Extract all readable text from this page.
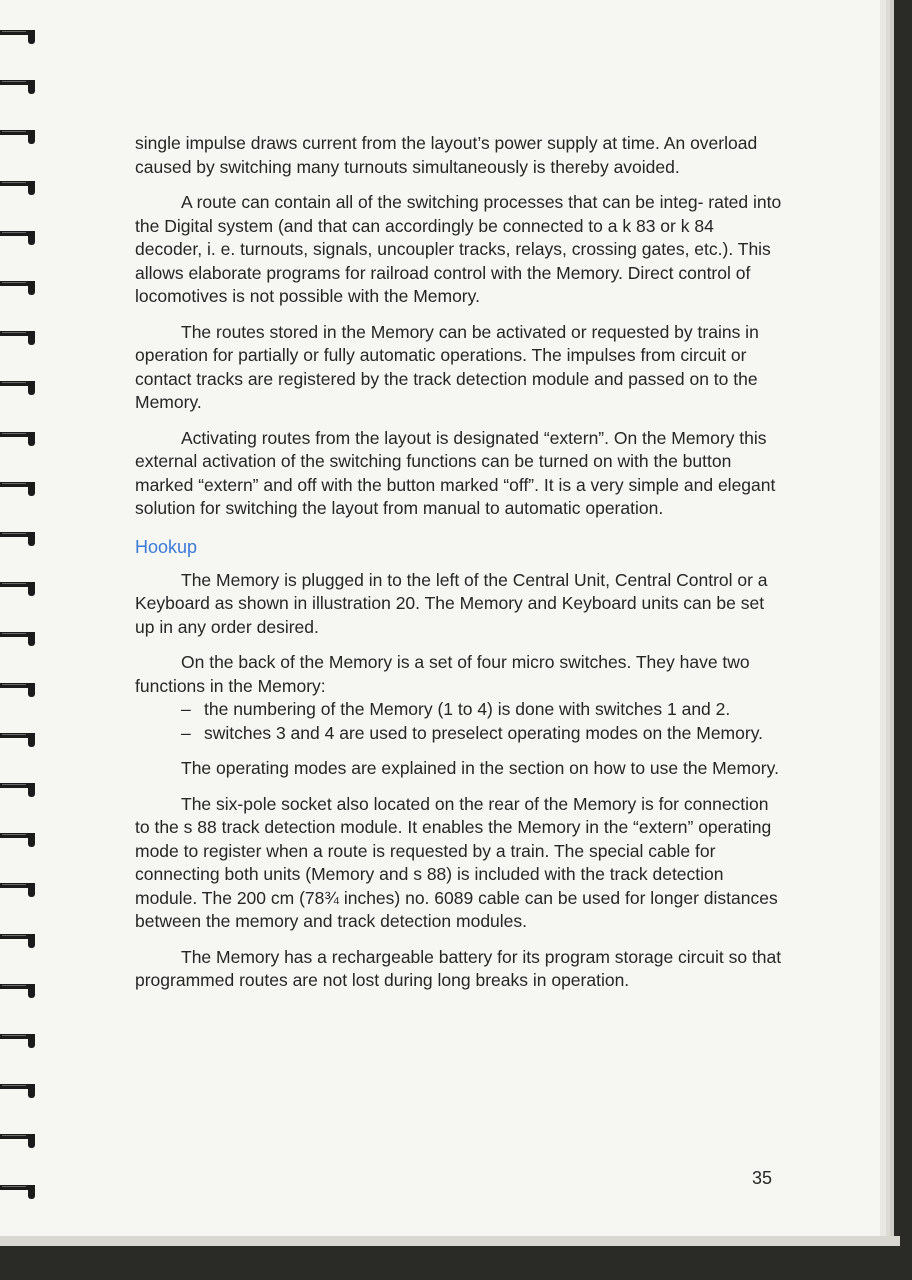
single impulse draws current from the layout’s power supply at time. An overload caused by switching many turnouts simultaneously is thereby avoided.

A route can contain all of the switching processes that can be integ- rated into the Digital system (and that can accordingly be connected to a k 83 or k 84 decoder, i. e. turnouts, signals, uncoupler tracks, relays, crossing gates, etc.). This allows elaborate programs for railroad control with the Memory. Direct control of locomotives is not possible with the Memory.

The routes stored in the Memory can be activated or requested by trains in operation for partially or fully automatic operations. The impulses from circuit or contact tracks are registered by the track detection module and passed on to the Memory.

Activating routes from the layout is designated “extern”. On the Memory this external activation of the switching functions can be turned on with the button marked “extern” and off with the button marked “off”. It is a very simple and elegant solution for switching the layout from manual to automatic operation.

Hookup

The Memory is plugged in to the left of the Central Unit, Central Control or a Keyboard as shown in illustration 20. The Memory and Keyboard units can be set up in any order desired.

On the back of the Memory is a set of four micro switches. They have two functions in the Memory:

– the numbering of the Memory (1 to 4) is done with switches 1 and 2.
– switches 3 and 4 are used to preselect operating modes on the Memory.

The operating modes are explained in the section on how to use the Memory.

The six-pole socket also located on the rear of the Memory is for connection to the s 88 track detection module. It enables the Memory in the “extern” operating mode to register when a route is requested by a train. The special cable for connecting both units (Memory and s 88) is included with the track detection module. The 200 cm (78¾ inches) no. 6089 cable can be used for longer distances between the memory and track detection modules.

The Memory has a rechargeable battery for its program storage circuit so that programmed routes are not lost during long breaks in operation.

35
